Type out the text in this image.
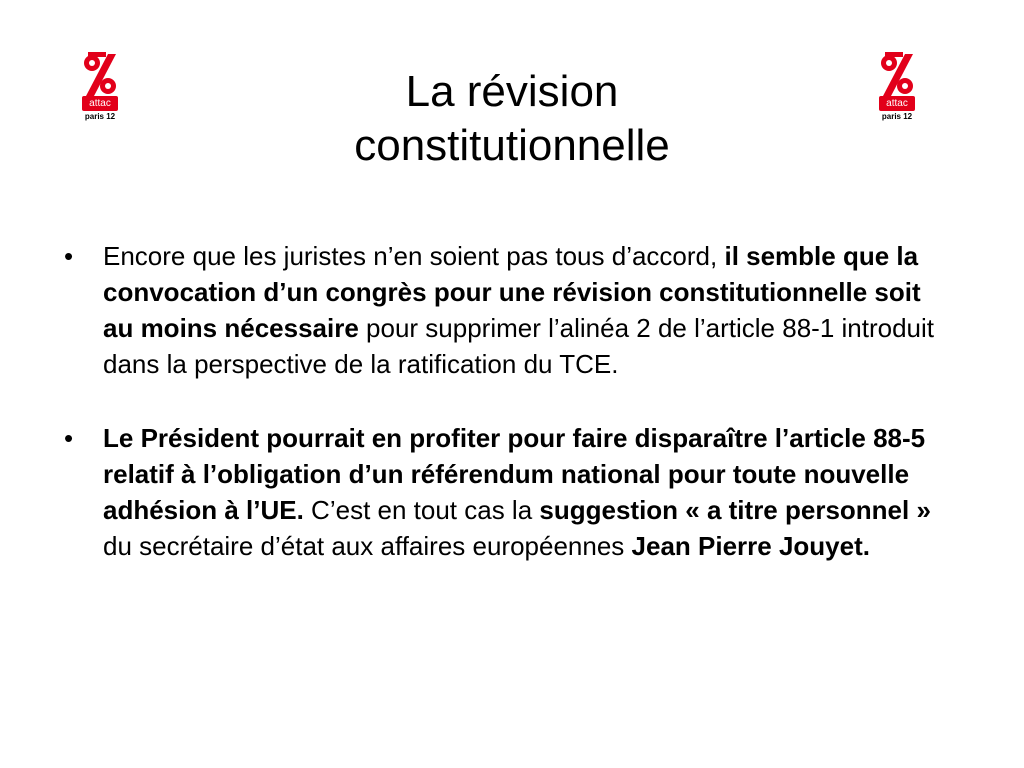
attac
paris 12
attac
paris 12
La révision
constitutionnelle
• Encore que les juristes n’en soient pas tous d’accord, il semble que la convocation d’un congrès pour une révision constitutionnelle soit au moins nécessaire pour supprimer l’alinéa 2 de l’article 88-1 introduit dans la perspective de la ratification du TCE.
• Le Président pourrait en profiter pour faire disparaître l’article 88-5 relatif à l’obligation d’un référendum national pour toute nouvelle adhésion à l’UE. C’est en tout cas la suggestion « a titre personnel » du secrétaire d’état aux affaires européennes Jean Pierre Jouyet.
